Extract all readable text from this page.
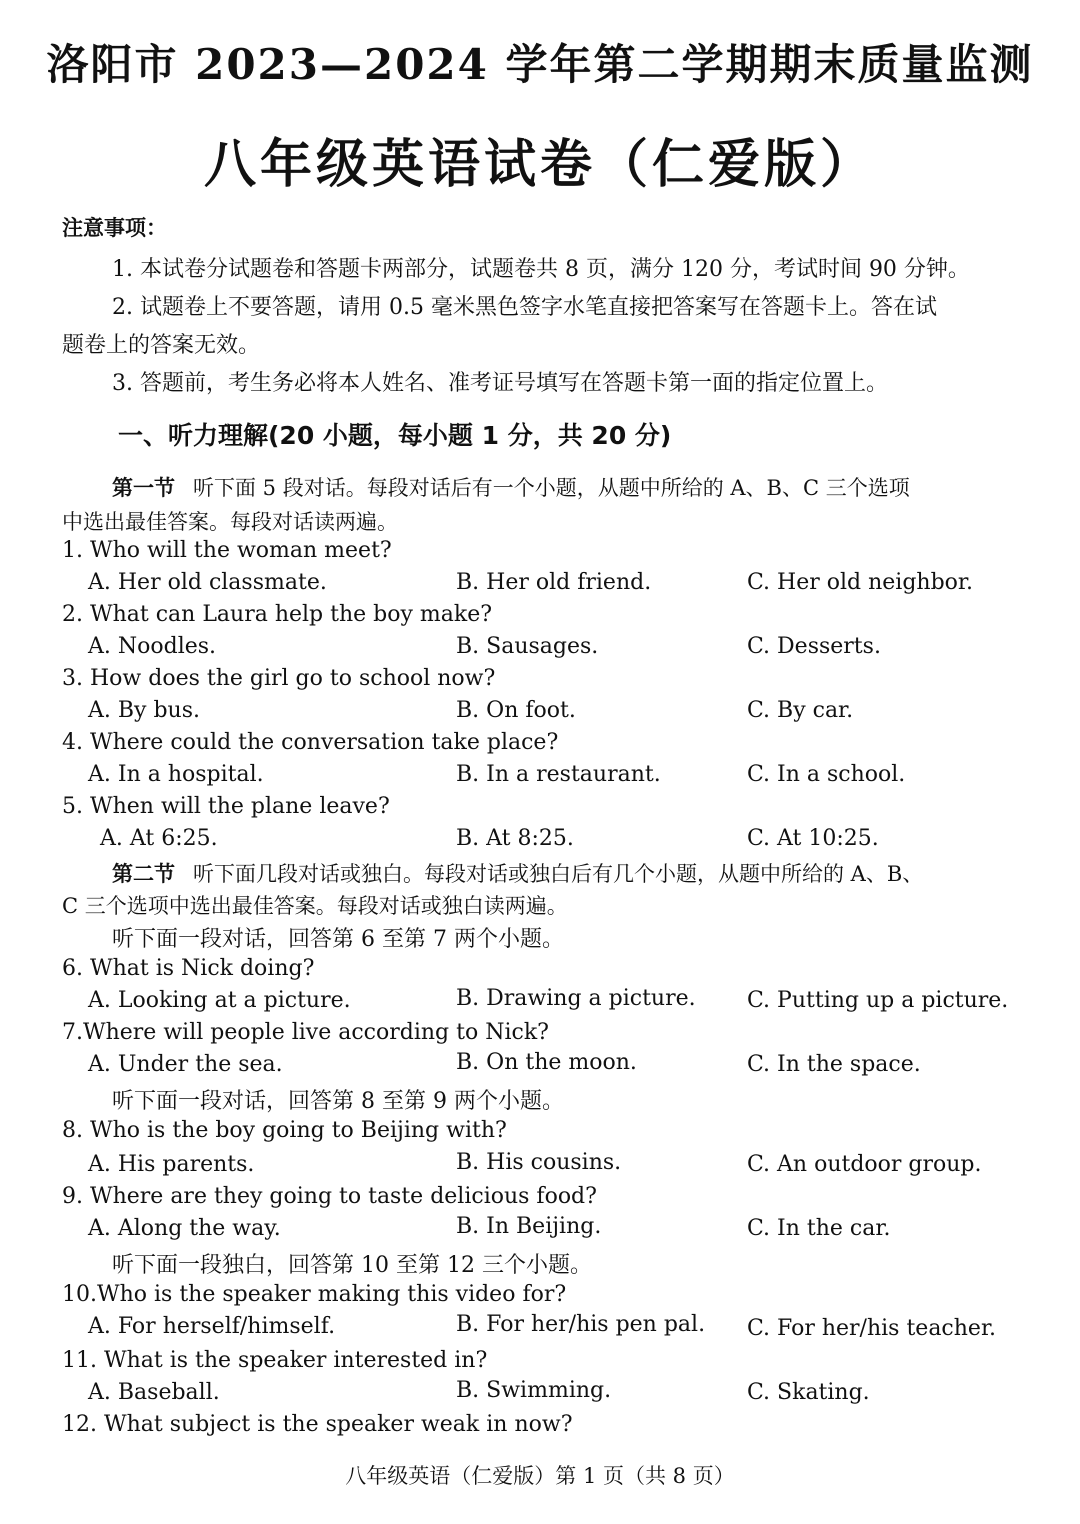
洛阳市 2023—2024 学年第二学期期末质量监测
八年级英语试卷（仁爱版）
注意事项：
1. 本试卷分试题卷和答题卡两部分，试题卷共 8 页，满分 120 分，考试时间 90 分钟。
2. 试题卷上不要答题，请用 0.5 毫米黑色签字水笔直接把答案写在答题卡上。答在试
题卷上的答案无效。
3. 答题前，考生务必将本人姓名、准考证号填写在答题卡第一面的指定位置上。
一、听力理解(20 小题，每小题 1 分，共 20 分)
第一节 听下面 5 段对话。每段对话后有一个小题，从题中所给的 A、B、C 三个选项
中选出最佳答案。每段对话读两遍。
1. Who will the woman meet?
A. Her old classmate.	B. Her old friend.	C. Her old neighbor.
2. What can Laura help the boy make?
A. Noodles.	B. Sausages.	C. Desserts.
3. How does the girl go to school now?
A. By bus.	B. On foot.	C. By car.
4. Where could the conversation take place?
A. In a hospital.	B. In a restaurant.	C. In a school.
5. When will the plane leave?
A. At 6:25.	B. At 8:25.	C. At 10:25.
第二节 听下面几段对话或独白。每段对话或独白后有几个小题，从题中所给的 A、B、
C 三个选项中选出最佳答案。每段对话或独白读两遍。
听下面一段对话，回答第 6 至第 7 两个小题。
6. What is Nick doing?
A. Looking at a picture.	B. Drawing a picture. C. Putting up a picture.
7.Where will people live according to Nick?
A. Under the sea.	B. On the moon.	C. In the space.
听下面一段对话，回答第 8 至第 9 两个小题。
8. Who is the boy going to Beijing with?
A. His parents.	B. His cousins.	C. An outdoor group.
9. Where are they going to taste delicious food?
A. Along the way.	B. In Beijing.	C. In the car.
听下面一段独白，回答第 10 至第 12 三个小题。
10.Who is the speaker making this video for?
A. For herself/himself.	B. For her/his pen pal. C. For her/his teacher.
11. What is the speaker interested in?
A. Baseball.	B. Swimming.	C. Skating.
12. What subject is the speaker weak in now?
八年级英语（仁爱版）第 1 页（共 8 页）
